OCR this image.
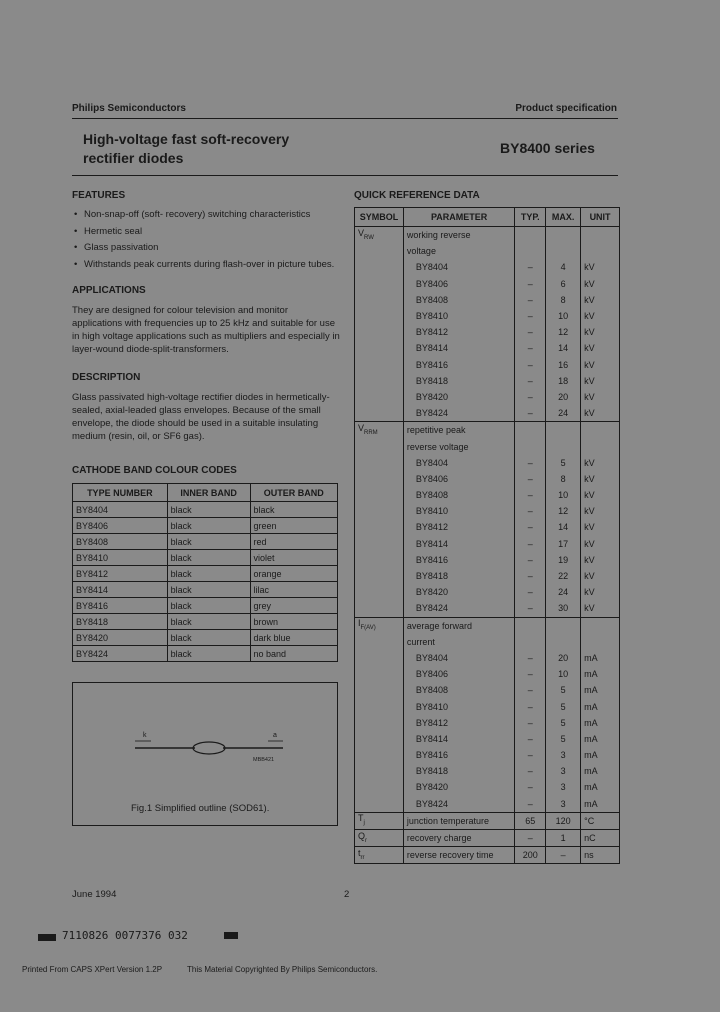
Philips Semiconductors	Product specification
High-voltage fast soft-recovery
rectifier diodes
BY8400 series
FEATURES
• Non-snap-off (soft- recovery) switching characteristics
• Hermetic seal
• Glass passivation
• Withstands peak currents during flash-over in picture tubes.
APPLICATIONS
They are designed for colour television and monitor applications with frequencies up to 25 kHz and suitable for use in high voltage applications such as multipliers and especially in layer-wound diode-split-transformers.
DESCRIPTION
Glass passivated high-voltage rectifier diodes in hermetically-sealed, axial-leaded glass envelopes. Because of the small envelope, the diode should be used in a suitable insulating medium (resin, oil, or SF6 gas).
CATHODE BAND COLOUR CODES
TYPE NUMBER	INNER BAND	OUTER BAND
BY8404	black	black
BY8406	black	green
BY8408	black	red
BY8410	black	violet
BY8412	black	orange
BY8414	black	lilac
BY8416	black	grey
BY8418	black	brown
BY8420	black	dark blue
BY8424	black	no band
k	a
MBB421
Fig.1 Simplified outline (SOD61).
QUICK REFERENCE DATA
SYMBOL	PARAMETER	TYP.	MAX.	UNIT
$V_{RW}$	working reverse			
	voltage			
	BY8404	–	4	kV
	BY8406	–	6	kV
	BY8408	–	8	kV
	BY8410	–	10	kV
	BY8412	–	12	kV
	BY8414	–	14	kV
	BY8416	–	16	kV
	BY8418	–	18	kV
	BY8420	–	20	kV
	BY8424	–	24	kV
$V_{RRM}$	repetitive peak			
	reverse voltage			
	BY8404	–	5	kV
	BY8406	–	8	kV
	BY8408	–	10	kV
	BY8410	–	12	kV
	BY8412	–	14	kV
	BY8414	–	17	kV
	BY8416	–	19	kV
	BY8418	–	22	kV
	BY8420	–	24	kV
	BY8424	–	30	kV
$I_{F(AV)}$	average forward			
	current			
	BY8404	–	20	mA
	BY8406	–	10	mA
	BY8408	–	5	mA
	BY8410	–	5	mA
	BY8412	–	5	mA
	BY8414	–	5	mA
	BY8416	–	3	mA
	BY8418	–	3	mA
	BY8420	–	3	mA
	BY8424	–	3	mA
$T_j$	junction temperature	65	120	°C
$Q_r$	recovery charge	–	1	nC
$t_{rr}$	reverse recovery time	200	–	ns
June 1994	2
7110826 0077376 032
Printed From CAPS XPert Version 1.2P	This Material Copyrighted By Philips Semiconductors.
